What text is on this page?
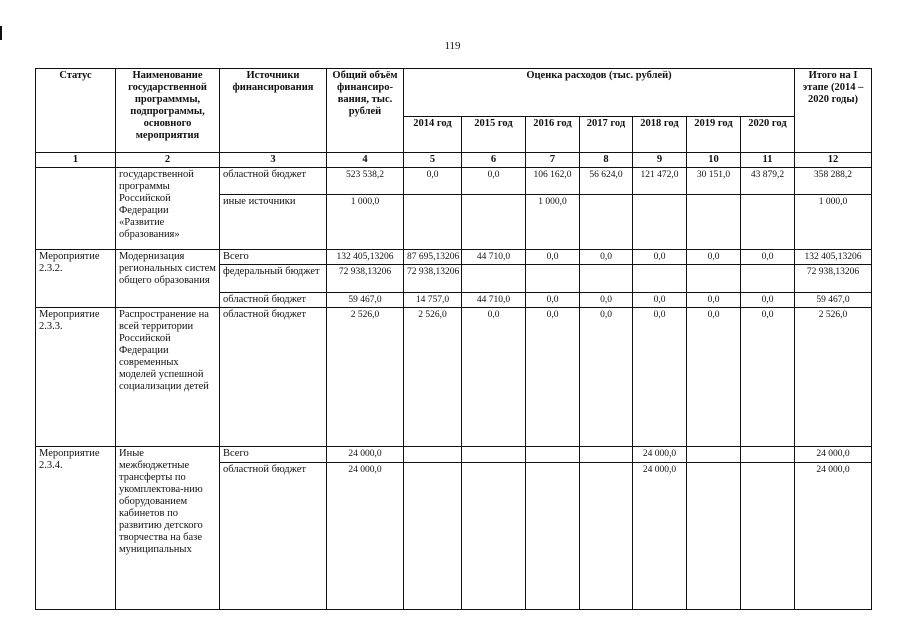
119
Статус	Наименование государственной программмы, подпрограммы, основного мероприятия	Источники финансирования	Общий объём финансиро-вания, тыс. рублей	Оценка расходов (тыс. рублей)							Итого на I этапе (2014 – 2020 годы)
				2014 год	2015 год	2016 год	2017 год	2018 год	2019 год	2020 год	
1	2	3	4	5	6	7	8	9	10	11	12
	государственной программы Российской Федерации «Развитие образования»	областной бюджет	523 538,2	0,0	0,0	106 162,0	56 624,0	121 472,0	30 151,0	43 879,2	358 288,2
		иные источники	1 000,0			1 000,0					1 000,0
Мероприятие 2.3.2.	Модернизация региональных систем общего образования	Всего	132 405,13206	87 695,13206	44 710,0	0,0	0,0	0,0	0,0	0,0	132 405,13206
		федеральный бюджет	72 938,13206	72 938,13206							72 938,13206
		областной бюджет	59 467,0	14 757,0	44 710,0	0,0	0,0	0,0	0,0	0,0	59 467,0
Мероприятие 2.3.3.	Распространение на всей территории Российской Федерации современных моделей успешной социализации детей	областной бюджет	2 526,0	2 526,0	0,0	0,0	0,0	0,0	0,0	0,0	2 526,0
Мероприятие 2.3.4.	Иные межбюджетные трансферты по укомплектова-нию оборудованием кабинетов по развитию детского творчества на базе муниципальных	Всего	24 000,0					24 000,0			24 000,0
		областной бюджет	24 000,0					24 000,0			24 000,0
